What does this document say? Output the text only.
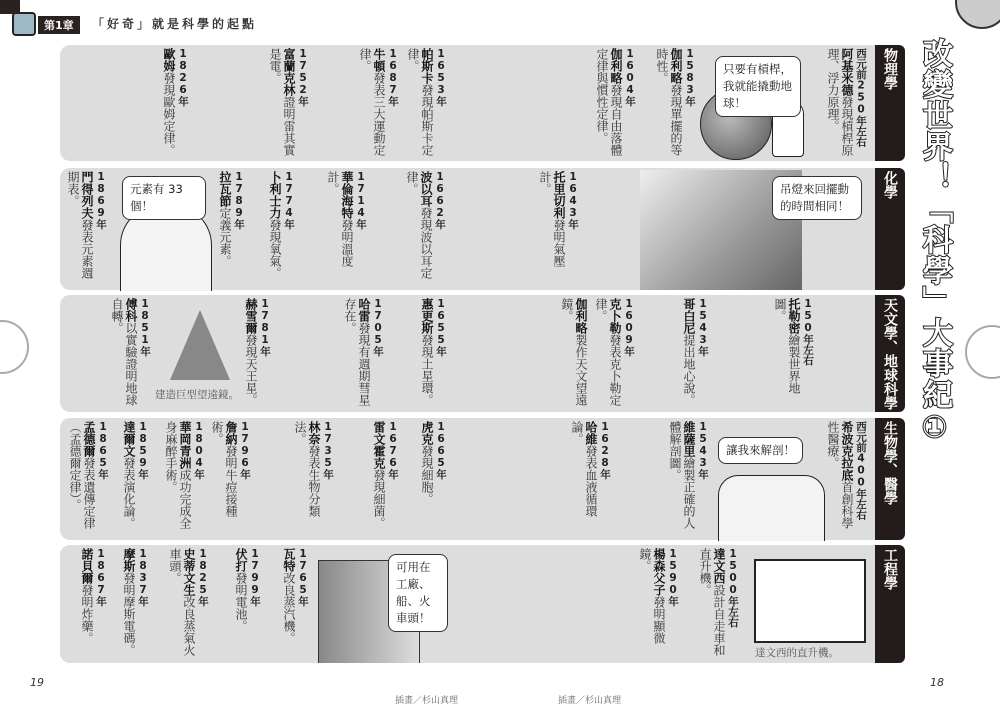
第1章	「好奇」就是科學的起點
改變世界！「科學」大事紀①
物理學
西元前250年左右
阿基米德發現槓桿原理、浮力原理。
1583年
伽利略發現單擺的等時性。
1604年
伽利略發現自由落體定律與慣性定律。
1653年
帕斯卡發現帕斯卡定律。
1687年
牛頓發表三大運動定律。
1752年
富蘭克林證明雷其實是電。
1826年
歐姆發現歐姆定律。
化學
1643年
托里切利發明氣壓計。
1662年
波以耳發現波以耳定律。
1714年
華倫海特發明溫度計。
1774年
卜利士力發現氧氣。
1789年
拉瓦節定義元素。
1869年
門得列夫發表元素週期表。
天文學、地球科學
150年左右
托勒密繪製世界地圖。
1543年
哥白尼提出地心說。
1609年
克卜勒發表克卜勒定律。
伽利略製作天文望遠鏡。
1655年
惠更斯發現土星環。
1705年
哈雷發現有週期彗星存在。
1781年
赫雪爾發現天王星。
1851年
傅科以實驗證明地球自轉。
生物學、醫學
西元前400年左右
希波克拉底首創科學性醫療。
1543年
維薩里繪製正確的人體解剖圖。
1628年
哈維發表血液循環論。
1665年
虎克發現細胞。
1676年
雷文霍克發現細菌。
1735年
林奈發表生物分類法。
1796年
詹納發明牛痘接種術。
1804年
華岡青洲成功完成全身麻醉手術。
1859年
達爾文發表演化論。
1865年
孟德爾發表遺傳定律（孟德爾定律）。
工程學
1500年左右
達文西設計自走車和直升機。
1590年
楊森父子發明顯微鏡。
1765年
瓦特改良蒸汽機。
1799年
伏打發明電池。
1825年
史蒂文生改良蒸氣火車頭。
1837年
摩斯發明摩斯電碼。
1867年
諾貝爾發明炸藥。
只要有槓桿，我就能撬動地球！
吊燈來回擺動的時間相同！
元素有 33 個！
讓我來解剖！
可用在工廠、船、火車頭！
建造巨型望遠鏡。
達文西的直升機。
插畫／杉山真理	插畫／杉山真理
19	18
